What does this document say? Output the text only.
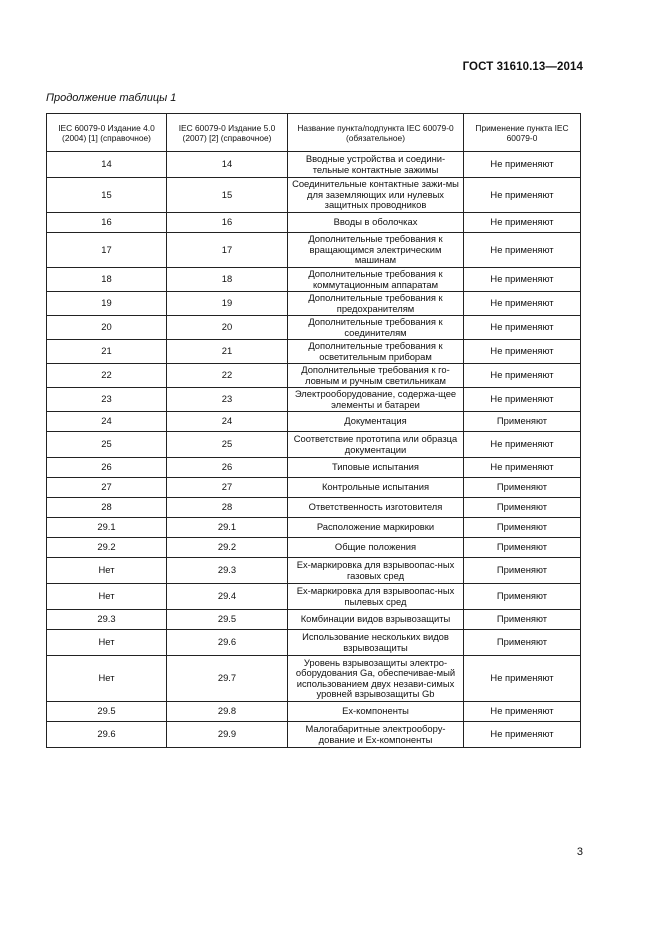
ГОСТ 31610.13—2014
Продолжение таблицы 1
IEC 60079-0 Издание 4.0 (2004) [1] (справочное)	IEC 60079-0 Издание 5.0 (2007) [2] (справочное)	Название пункта/подпункта IEC 60079-0 (обязательное)	Применение пункта IEC 60079-0
14	14	Вводные устройства и соедини-тельные контактные зажимы	Не применяют
15	15	Соединительные контактные зажи-мы для заземляющих или нулевых защитных проводников	Не применяют
16	16	Вводы в оболочках	Не применяют
17	17	Дополнительные требования к вращающимся электрическим машинам	Не применяют
18	18	Дополнительные требования к коммутационным аппаратам	Не применяют
19	19	Дополнительные требования к предохранителям	Не применяют
20	20	Дополнительные требования к соединителям	Не применяют
21	21	Дополнительные требования к осветительным приборам	Не применяют
22	22	Дополнительные требования к го-ловным и ручным светильникам	Не применяют
23	23	Электрооборудование, содержа-щее элементы и батареи	Не применяют
24	24	Документация	Применяют
25	25	Соответствие прототипа или образца документации	Не применяют
26	26	Типовые испытания	Не применяют
27	27	Контрольные испытания	Применяют
28	28	Ответственность изготовителя	Применяют
29.1	29.1	Расположение маркировки	Применяют
29.2	29.2	Общие положения	Применяют
Нет	29.3	Ex-маркировка для взрывоопас-ных газовых сред	Применяют
Нет	29.4	Ex-маркировка для взрывоопас-ных пылевых сред	Применяют
29.3	29.5	Комбинации видов взрывозащиты	Применяют
Нет	29.6	Использование нескольких видов взрывозащиты	Применяют
Нет	29.7	Уровень взрывозащиты электро-оборудования Ga, обеспечивае-мый использованием двух незави-симых уровней взрывозащиты Gb	Не применяют
29.5	29.8	Ex-компоненты	Не применяют
29.6	29.9	Малогабаритные электрообору-дование и Ex-компоненты	Не применяют
3
